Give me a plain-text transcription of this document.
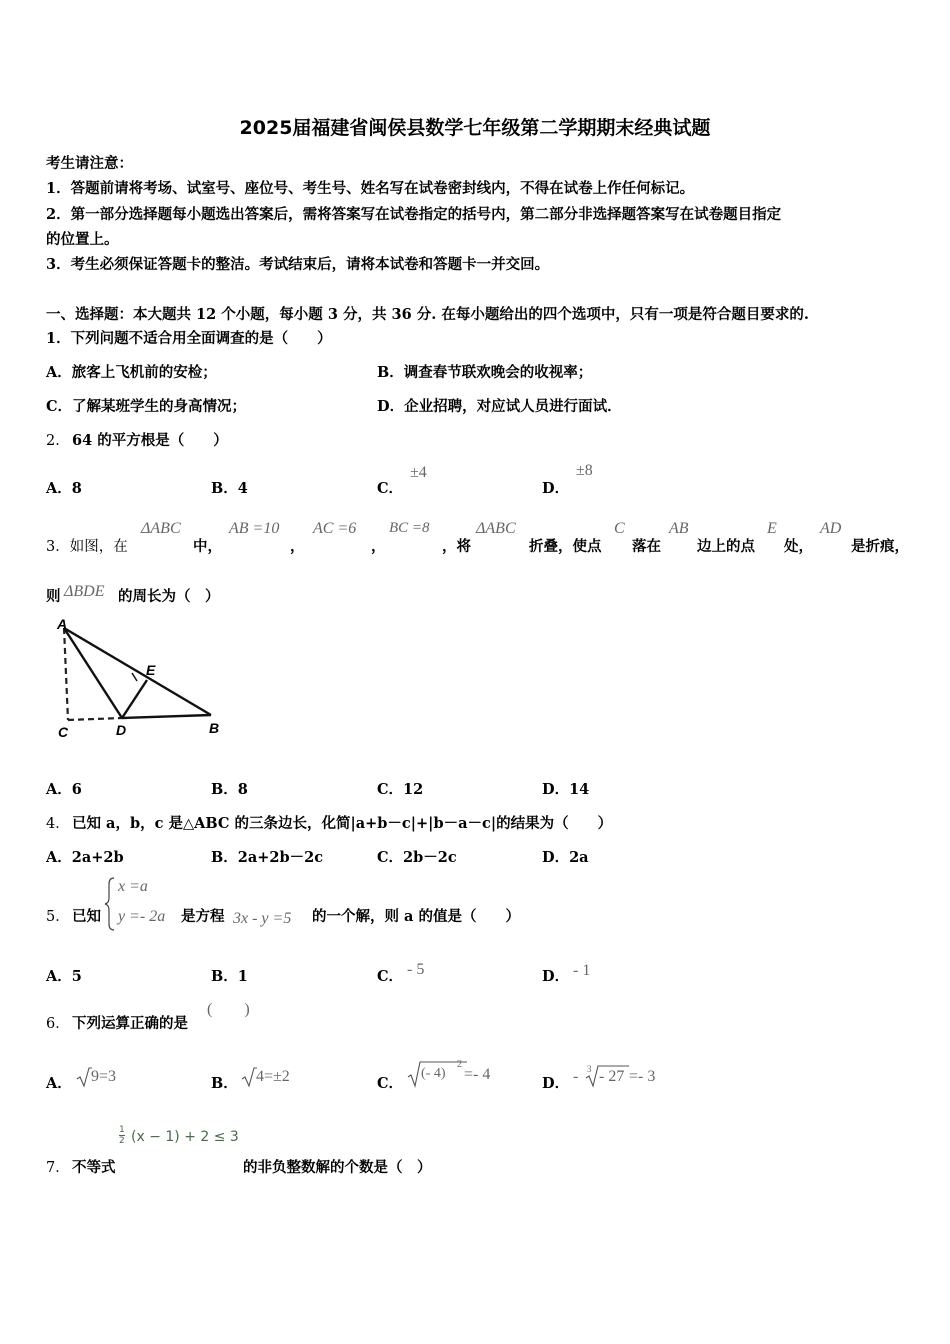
2025届福建省闽侯县数学七年级第二学期期末经典试题
考生请注意：
1．答题前请将考场、试室号、座位号、考生号、姓名写在试卷密封线内，不得在试卷上作任何标记。
2．第一部分选择题每小题选出答案后，需将答案写在试卷指定的括号内，第二部分非选择题答案写在试卷题目指定
的位置上。
3．考生必须保证答题卡的整洁。考试结束后，请将本试卷和答题卡一并交回。
一、选择题：本大题共 12 个小题，每小题 3 分，共 36 分. 在每小题给出的四个选项中，只有一项是符合题目要求的.
1．下列问题不适合用全面调查的是（　　）
A．旅客上飞机前的安检；	B．调查春节联欢晚会的收视率；
C．了解某班学生的身高情况；	D．企业招聘，对应试人员进行面试．
2． 64 的平方根是（　　）
A．8	B．4	C．
±4
D．
±8
3．如图，在
ΔABC
中，
AB =10
，
AC =6
，
BC =8
，将
ΔABC
折叠，使点
C
落在
AB
边上的点
E
处，
AD
是折痕，
则 ΔBDE 的周长为（　）
A
E
C	D	B
A．6	B．8	C．12	D．14
4． 已知 a，b，c 是△ABC 的三条边长，化简|a+b－c|+|b－a－c|的结果为（　　）
A．2a+2b	B．2a+2b－2c	C．2b－2c	D．2a
5． 已知
x =a
y =- 2a 是方程 3x - y =5 的一个解，则 a 的值是（　　）
A．5	B．1	C． - 5	D． - 1
6． 下列运算正确的是
(　　)
A． 9 =3	B． 4 =±2	C．
(- 4)
2
=- 4
D． - 3 - 27 =- 3
7． 不等式
$\frac{1}{2} (x - 1) + 2 \le 3$
的非负整数解的个数是（　）
